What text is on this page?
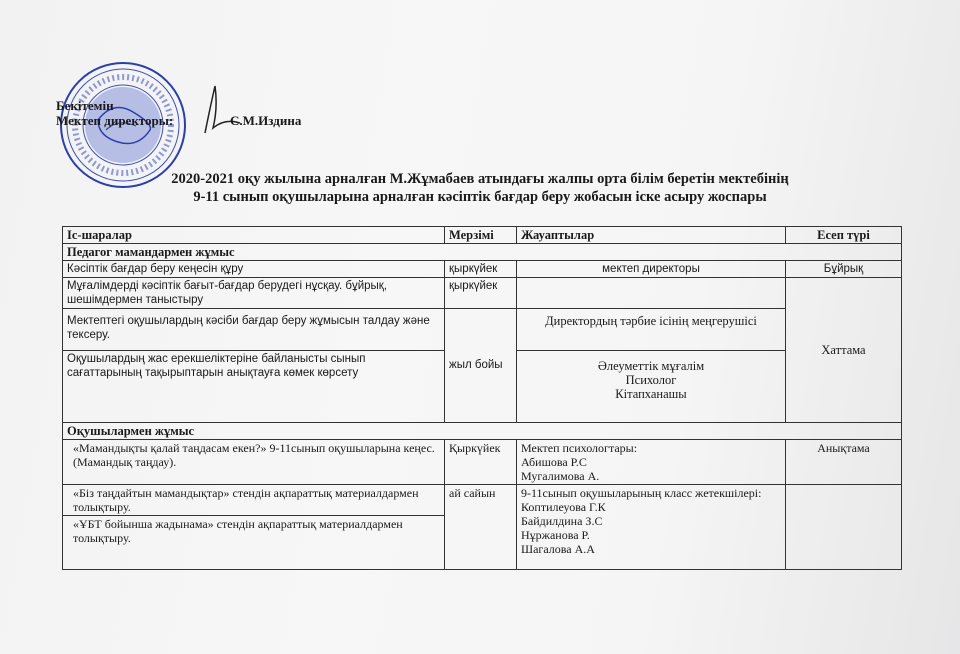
Бекітемін
Мектеп директоры:	С.М.Издина
2020-2021 оқу жылына арналған М.Жұмабаев атындағы жалпы орта білім беретін мектебінің
9-11 сынып оқушыларына арналған кәсіптік бағдар беру жобасын іске асыру жоспары
Іс-шаралар	Мерзімі	Жауаптылар	Есеп түрі
Педагог мамандармен жұмыс			
Кәсіптік бағдар беру кеңесін құру	қыркүйек	мектеп директоры	Бұйрық
Мұғалімдерді кәсіптік бағыт-бағдар берудегі нұсқау. бұйрық, шешімдермен таныстыру	қыркүйек		Хаттама
Мектептегі оқушылардың кәсіби бағдар беру жұмысын талдау және тексеру.	жыл бойы	Директордың тәрбие ісінің меңгерушісі	
Оқушылардың жас ерекшеліктеріне байланысты сынып сағаттарының тақырыптарын анықтауға көмек көрсету		Әлеуметтік мұғалім
Психолог
Кітапханашы	

Оқушылармен жұмыс			
«Мамандықты қалай таңдасам екен?» 9-11сынып оқушыларына кеңес. (Мамандық таңдау).	Қыркүйек	Мектеп психологтары:
Абишова Р.С
Мугалимова А.	Анықтама
«Біз таңдайтын мамандықтар» стендін ақпараттық материалдармен толықтыру.	ай сайын	9-11сынып оқушыларының класс жетекшілері:
Коптилеуова Г.К
Байдилдина З.С
Нұржанова Р.
Шагалова А.А	

«ҰБТ бойынша жадынама» стендін ақпараттық материалдармен толықтыру.			
